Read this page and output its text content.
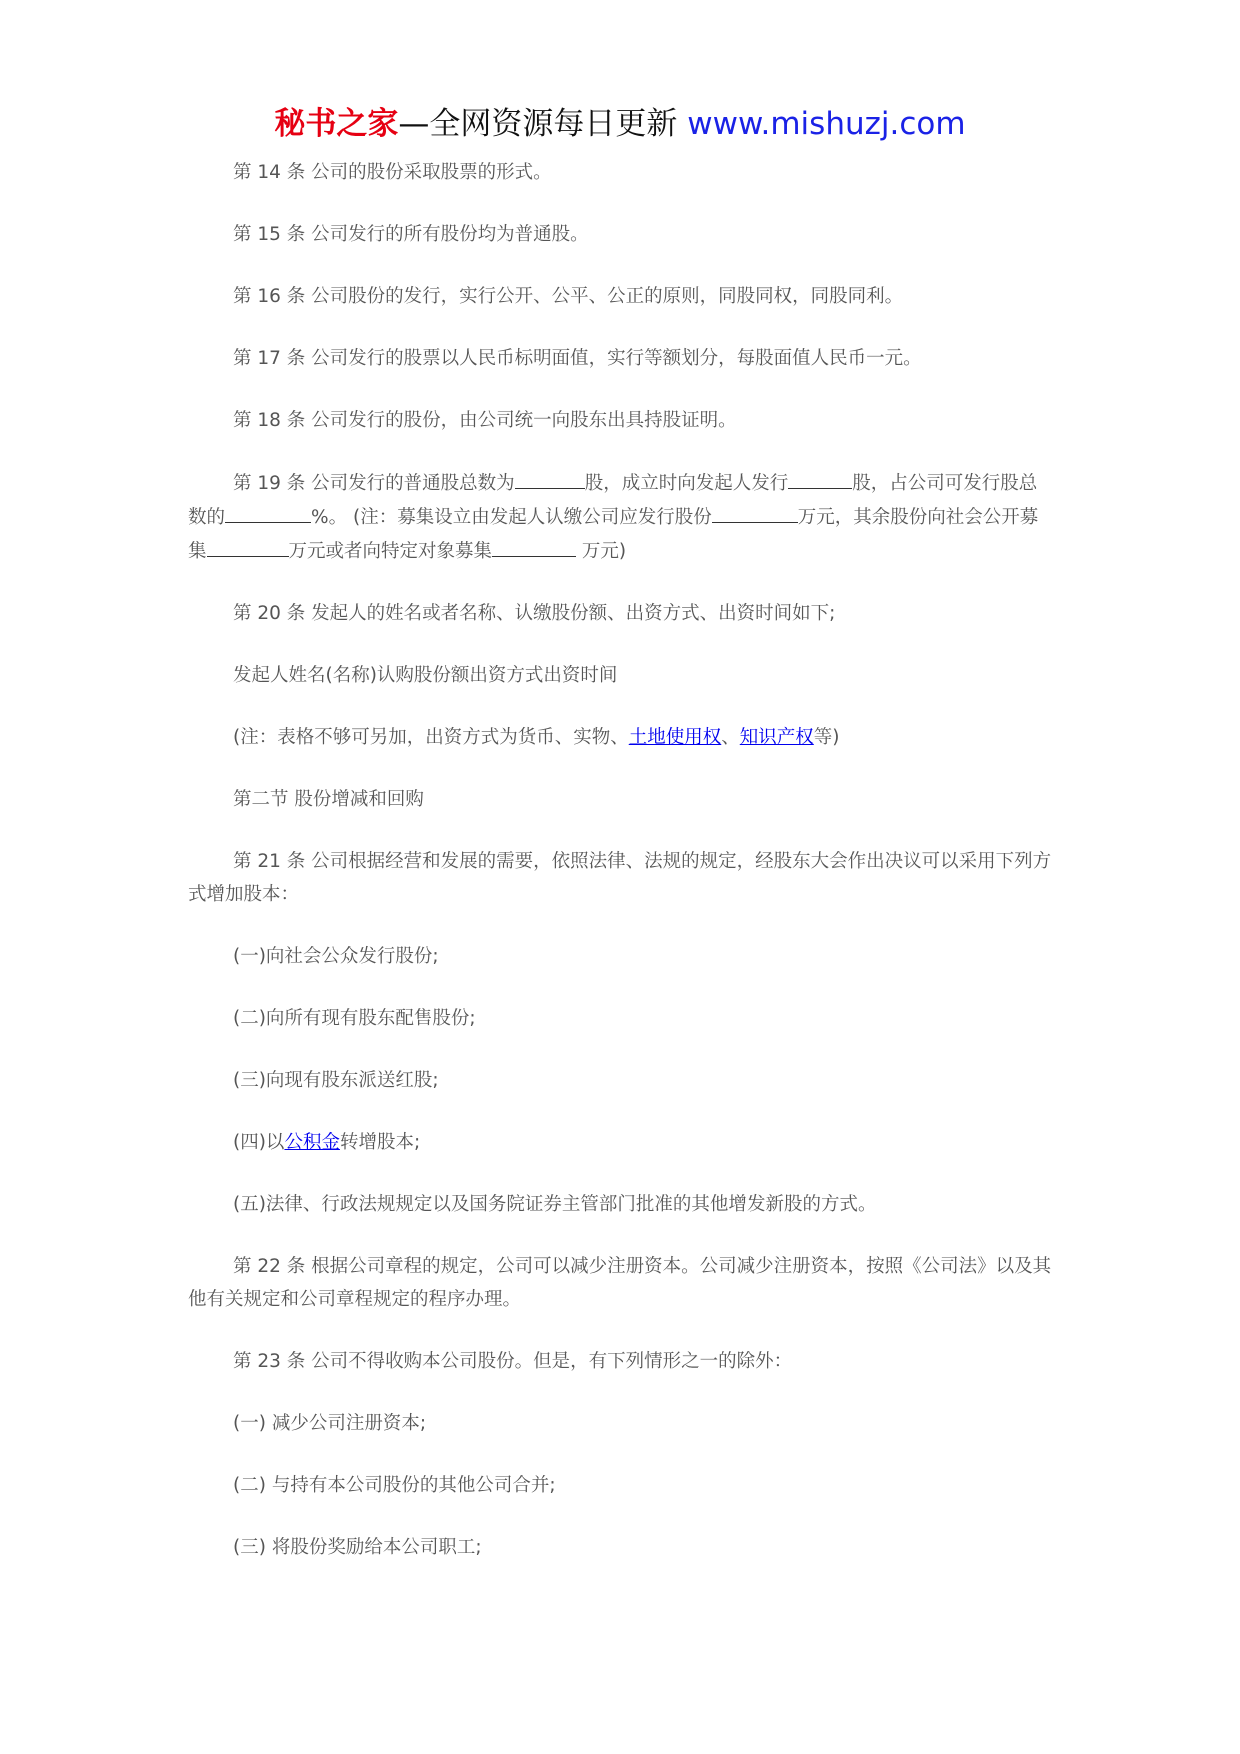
秘书之家—全网资源每日更新 www.mishuzj.com

第 14 条 公司的股份采取股票的形式。

第 15 条 公司发行的所有股份均为普通股。

第 16 条 公司股份的发行，实行公开、公平、公正的原则，同股同权，同股同利。

第 17 条 公司发行的股票以人民币标明面值，实行等额划分，每股面值人民币一元。

第 18 条 公司发行的股份，由公司统一向股东出具持股证明。

第 19 条 公司发行的普通股总数为	股，成立时向发起人发行	股，占公司可发行股总数的	%。 (注：募集设立由发起人认缴公司应发行股份	万元，其余股份向社会公开募集	万元或者向特定对象募集	万元)

第 20 条 发起人的姓名或者名称、认缴股份额、出资方式、出资时间如下;

发起人姓名(名称)认购股份额出资方式出资时间

(注：表格不够可另加，出资方式为货币、实物、土地使用权、知识产权等)

第二节 股份增减和回购

第 21 条 公司根据经营和发展的需要，依照法律、法规的规定，经股东大会作出决议可以采用下列方式增加股本：

(一)向社会公众发行股份;

(二)向所有现有股东配售股份;

(三)向现有股东派送红股;

(四)以公积金转增股本;

(五)法律、行政法规规定以及国务院证券主管部门批准的其他增发新股的方式。

第 22 条 根据公司章程的规定，公司可以减少注册资本。公司减少注册资本，按照《公司法》以及其他有关规定和公司章程规定的程序办理。

第 23 条 公司不得收购本公司股份。但是，有下列情形之一的除外：

(一) 减少公司注册资本;

(二) 与持有本公司股份的其他公司合并;

(三) 将股份奖励给本公司职工;
